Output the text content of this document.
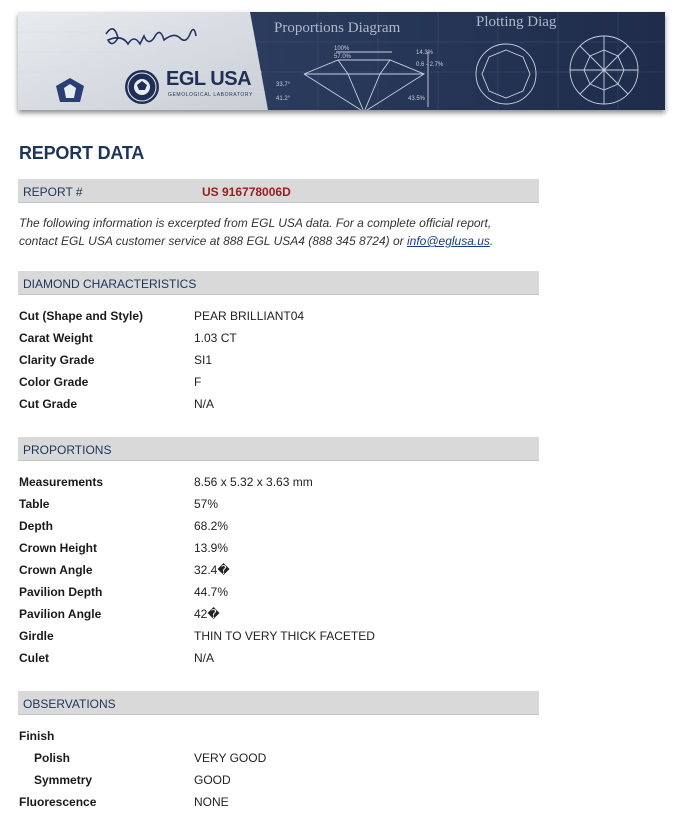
EGL USA
GEMOLOGICAL LABORATORY
Proportions Diagram	Plotting Diag
100%
57.0%
14.3%
0.6 - 2.7%
33.7°
41.2°	43.5%
REPORT DATA
REPORT #	US 916778006D
The following information is excerpted from EGL USA data. For a complete official report, contact EGL USA customer service at 888 EGL USA4 (888 345 8724) or info@eglusa.us.
DIAMOND CHARACTERISTICS
Cut (Shape and Style)	PEAR BRILLIANT04
Carat Weight	1.03 CT
Clarity Grade	SI1
Color Grade	F
Cut Grade	N/A
PROPORTIONS
Measurements	8.56 x 5.32 x 3.63 mm
Table	57%
Depth	68.2%
Crown Height	13.9%
Crown Angle	32.4�
Pavilion Depth	44.7%
Pavilion Angle	42�
Girdle	THIN TO VERY THICK FACETED
Culet	N/A
OBSERVATIONS
Finish
Polish	VERY GOOD
Symmetry	GOOD
Fluorescence	NONE
